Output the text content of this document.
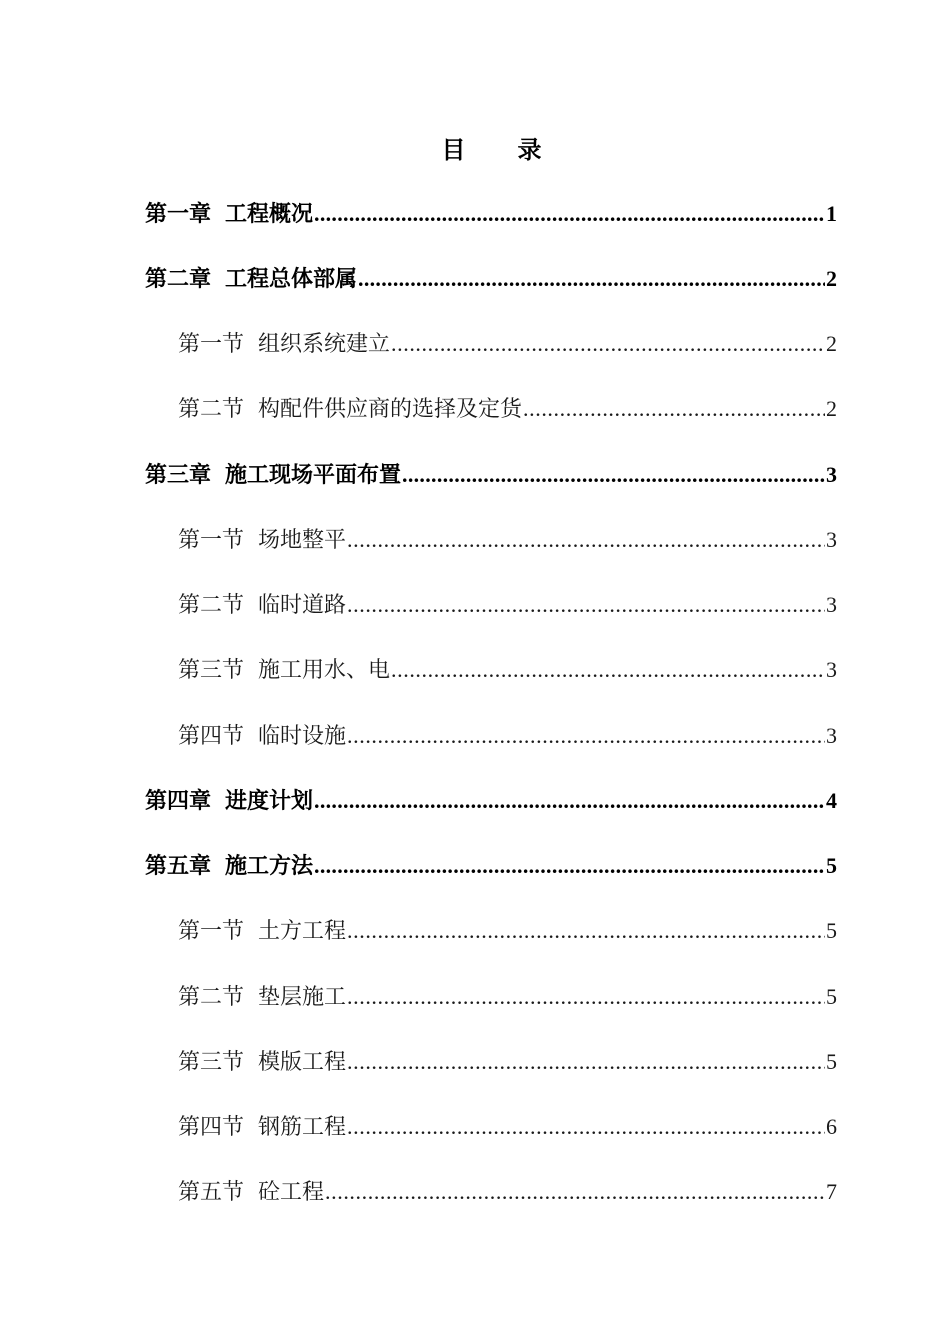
目 录
第一章 工程概况 .....	1
第二章 工程总体部属 .....	2
第一节 组织系统建立 .....	2
第二节 构配件供应商的选择及定货 .....	2
第三章 施工现场平面布置 .....	3
第一节 场地整平 .....	3
第二节 临时道路 .....	3
第三节 施工用水、电 .....	3
第四节 临时设施 .....	3
第四章 进度计划 .....	4
第五章 施工方法 .....	5
第一节 土方工程 .....	5
第二节 垫层施工 .....	5
第三节 模版工程 .....	5
第四节 钢筋工程 .....	6
第五节 砼工程 .....	7
